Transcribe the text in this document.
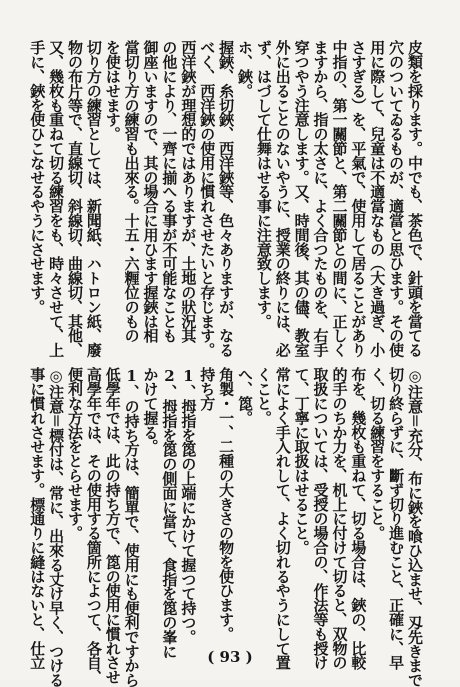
皮類を採ります。中でも、茶色で、針頭を當てる
穴のついてゐるものが、適當と思ひます。その使
用に際して、兒童は不適當なもの（大き過ぎ、小
さすぎる）を、平氣で、使用して居ることがあり
中指の、第一關節と、第二關節との間に、正しく
ますから、指の太さに、よく合つたものを、右手
穿つやう注意します。又、時間後、其の儘、教室
外に出ることのないやうに、授業の終りには、必
ず、はづして仕舞はせる事に注意致します。
ホ、鋏。
握鋏、糸切鋏、西洋鋏等、色々ありますが、なる
べく、西洋鋏の使用に慣れさせたいと存じます。
西洋鋏が理想的ではありますが、土地の狀況其
の他により、一齊に揃へる事が不可能なことも
御座いますので、其の場合に用ひます握鋏は相
當切り方の練習も出來る。十五・六糎位のもの
を使はせます。
切り方の練習としては、新聞紙、ハトロン紙、廢
物の布片等で、直線切、斜線切、曲線切、其他、
又、幾枚も重ねて切る練習をも、時々させて、上
手に、鋏を使ひこなせるやうにさせます。
◎注意＝充分、布に鋏を喰ひ込ませ、刄先きまで
切り終らずに、斷ず切り進むこと、正確に、早
く、切る練習をすること。
布を、幾枚も重ねて、切る場合は、鋏の、比較
的手のちか力を、机上に付けて切ると、双物の
取扱については、受授の場合の、作法等も授け
て、丁寧に取扱はせること。
常によく手入れして、よく切れるやうにして置
くこと。
へ、箆。
角製・一、二種の大きさの物を使ひます。
持ち方
1、拇指を箆の上端にかけて握つて持つ。
2、拇指を箆の側面に當て、食指を箆の峯に
かけて握る。
1、の持ち方は、簡單で、使用にも便利ですから
低學年では、此の持ち方で、箆の使用に慣れさせ
高學年では、その使用する箇所によつて、各自、
便利な方法をとらせます。
◎注意＝標付は、常に、出來る丈け早く、つける
事に慣れさせます。標通りに縫はないと、仕立	( 93 )
